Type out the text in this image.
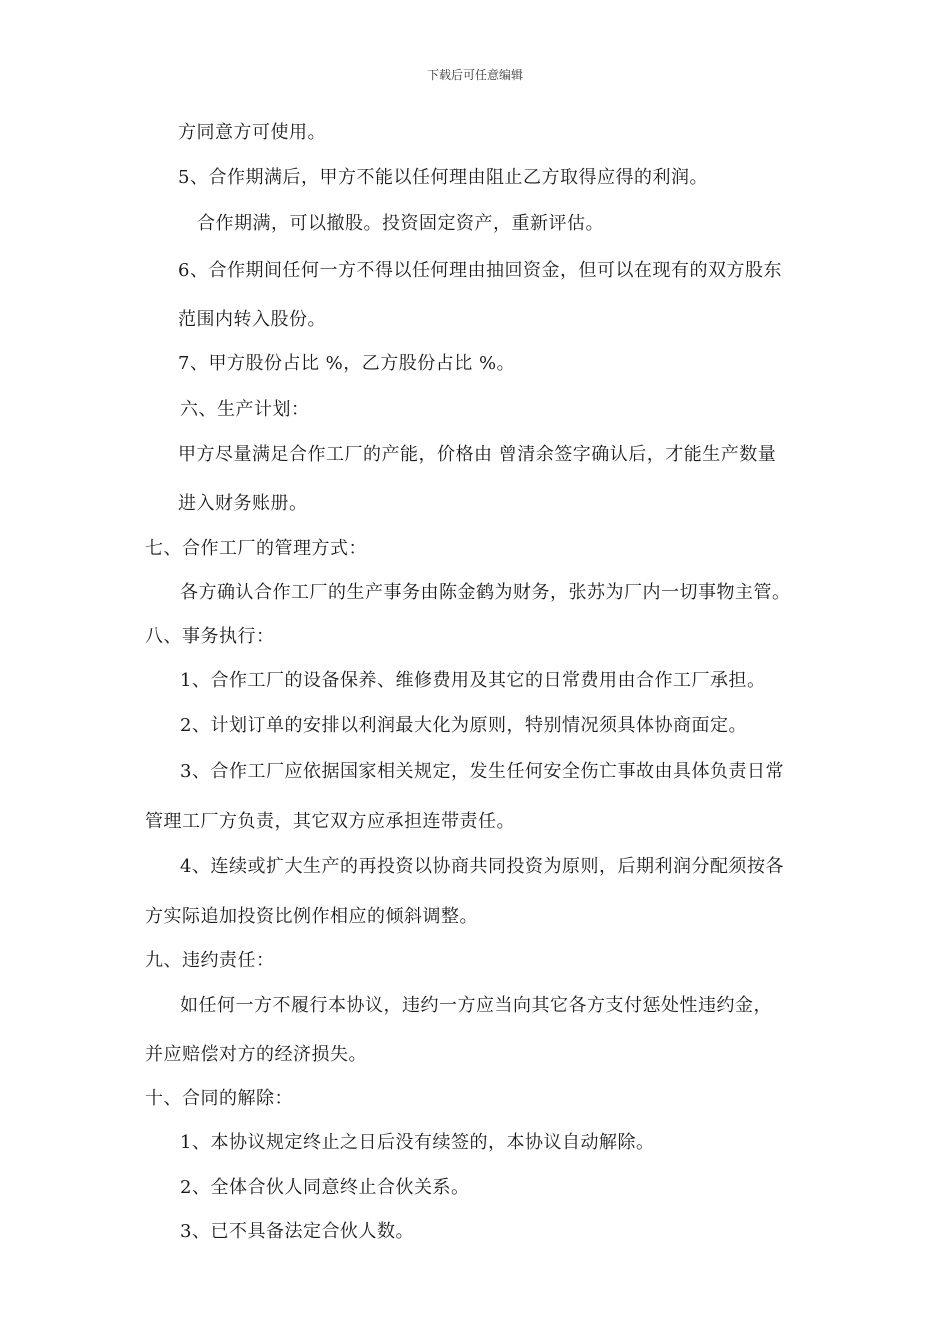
下载后可任意编辑
方同意方可使用。
5、合作期满后，甲方不能以任何理由阻止乙方取得应得的利润。
合作期满，可以撤股。投资固定资产，重新评估。
6、合作期间任何一方不得以任何理由抽回资金，但可以在现有的双方股东
范围内转入股份。
7、甲方股份占比 %，乙方股份占比 %。
六、生产计划：
甲方尽量满足合作工厂的产能，价格由 曾清余签字确认后，才能生产数量
进入财务账册。
七、合作工厂的管理方式：
各方确认合作工厂的生产事务由陈金鹤为财务，张苏为厂内一切事物主管。
八、事务执行：
1、合作工厂的设备保养、维修费用及其它的日常费用由合作工厂承担。
2、计划订单的安排以利润最大化为原则，特别情况须具体协商面定。
3、合作工厂应依据国家相关规定，发生任何安全伤亡事故由具体负责日常
管理工厂方负责，其它双方应承担连带责任。
4、连续或扩大生产的再投资以协商共同投资为原则，后期利润分配须按各
方实际追加投资比例作相应的倾斜调整。
九、违约责任：
如任何一方不履行本协议，违约一方应当向其它各方支付惩处性违约金，
并应赔偿对方的经济损失。
十、合同的解除：
1、本协议规定终止之日后没有续签的，本协议自动解除。
2、全体合伙人同意终止合伙关系。
3、已不具备法定合伙人数。
